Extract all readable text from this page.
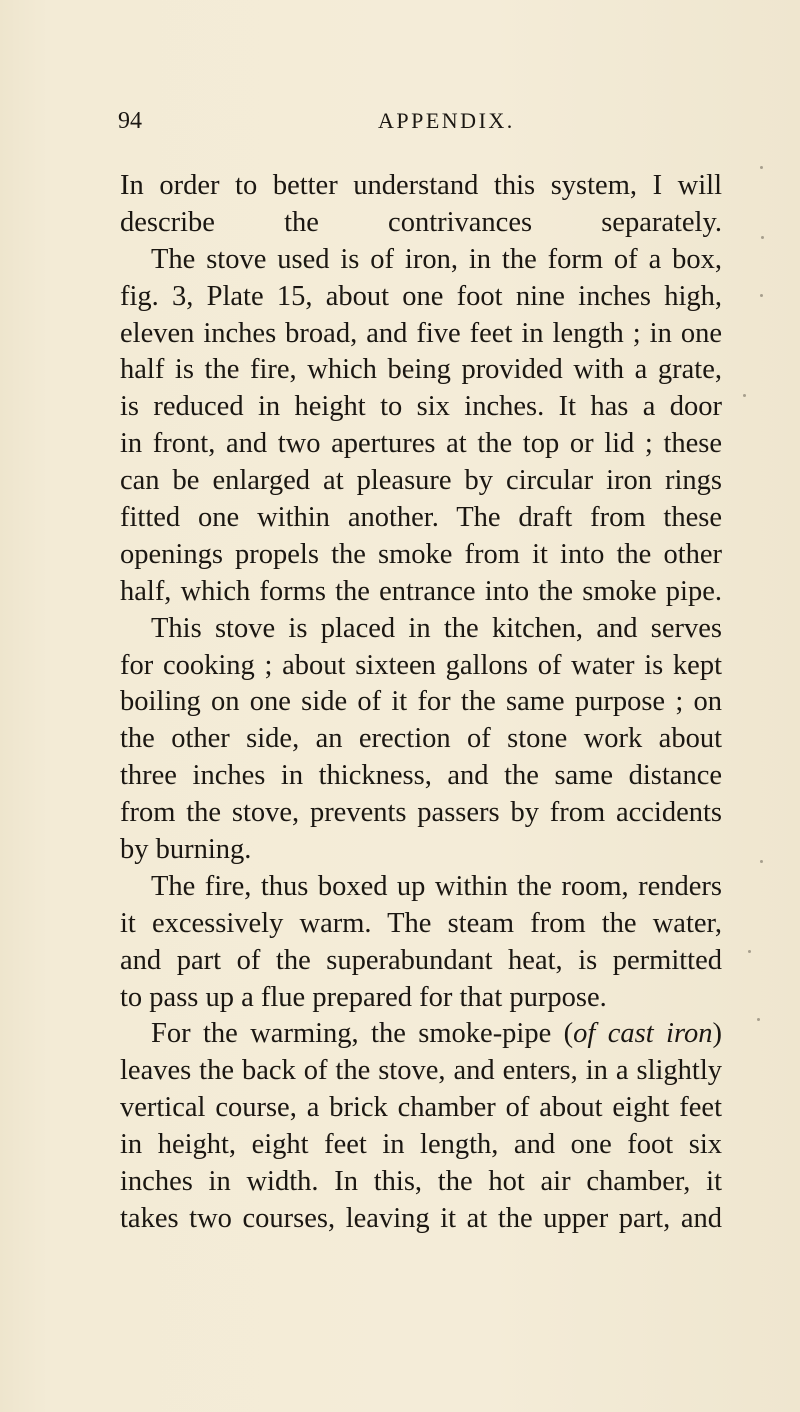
94	APPENDIX.
In order to better understand this system, I will
describe the contrivances separately.
The stove used is of iron, in the form of a box,
fig. 3, Plate 15, about one foot nine inches high,
eleven inches broad, and five feet in length ; in one
half is the fire, which being provided with a grate,
is reduced in height to six inches. It has a door
in front, and two apertures at the top or lid ; these
can be enlarged at pleasure by circular iron rings
fitted one within another. The draft from these
openings propels the smoke from it into the other
half, which forms the entrance into the smoke pipe.
This stove is placed in the kitchen, and serves
for cooking ; about sixteen gallons of water is kept
boiling on one side of it for the same purpose ; on
the other side, an erection of stone work about
three inches in thickness, and the same distance
from the stove, prevents passers by from accidents
by burning.
The fire, thus boxed up within the room, renders
it excessively warm. The steam from the water,
and part of the superabundant heat, is permitted
to pass up a flue prepared for that purpose.
For the warming, the smoke-pipe (of cast iron)
leaves the back of the stove, and enters, in a slightly
vertical course, a brick chamber of about eight feet
in height, eight feet in length, and one foot six
inches in width. In this, the hot air chamber, it
takes two courses, leaving it at the upper part, and
